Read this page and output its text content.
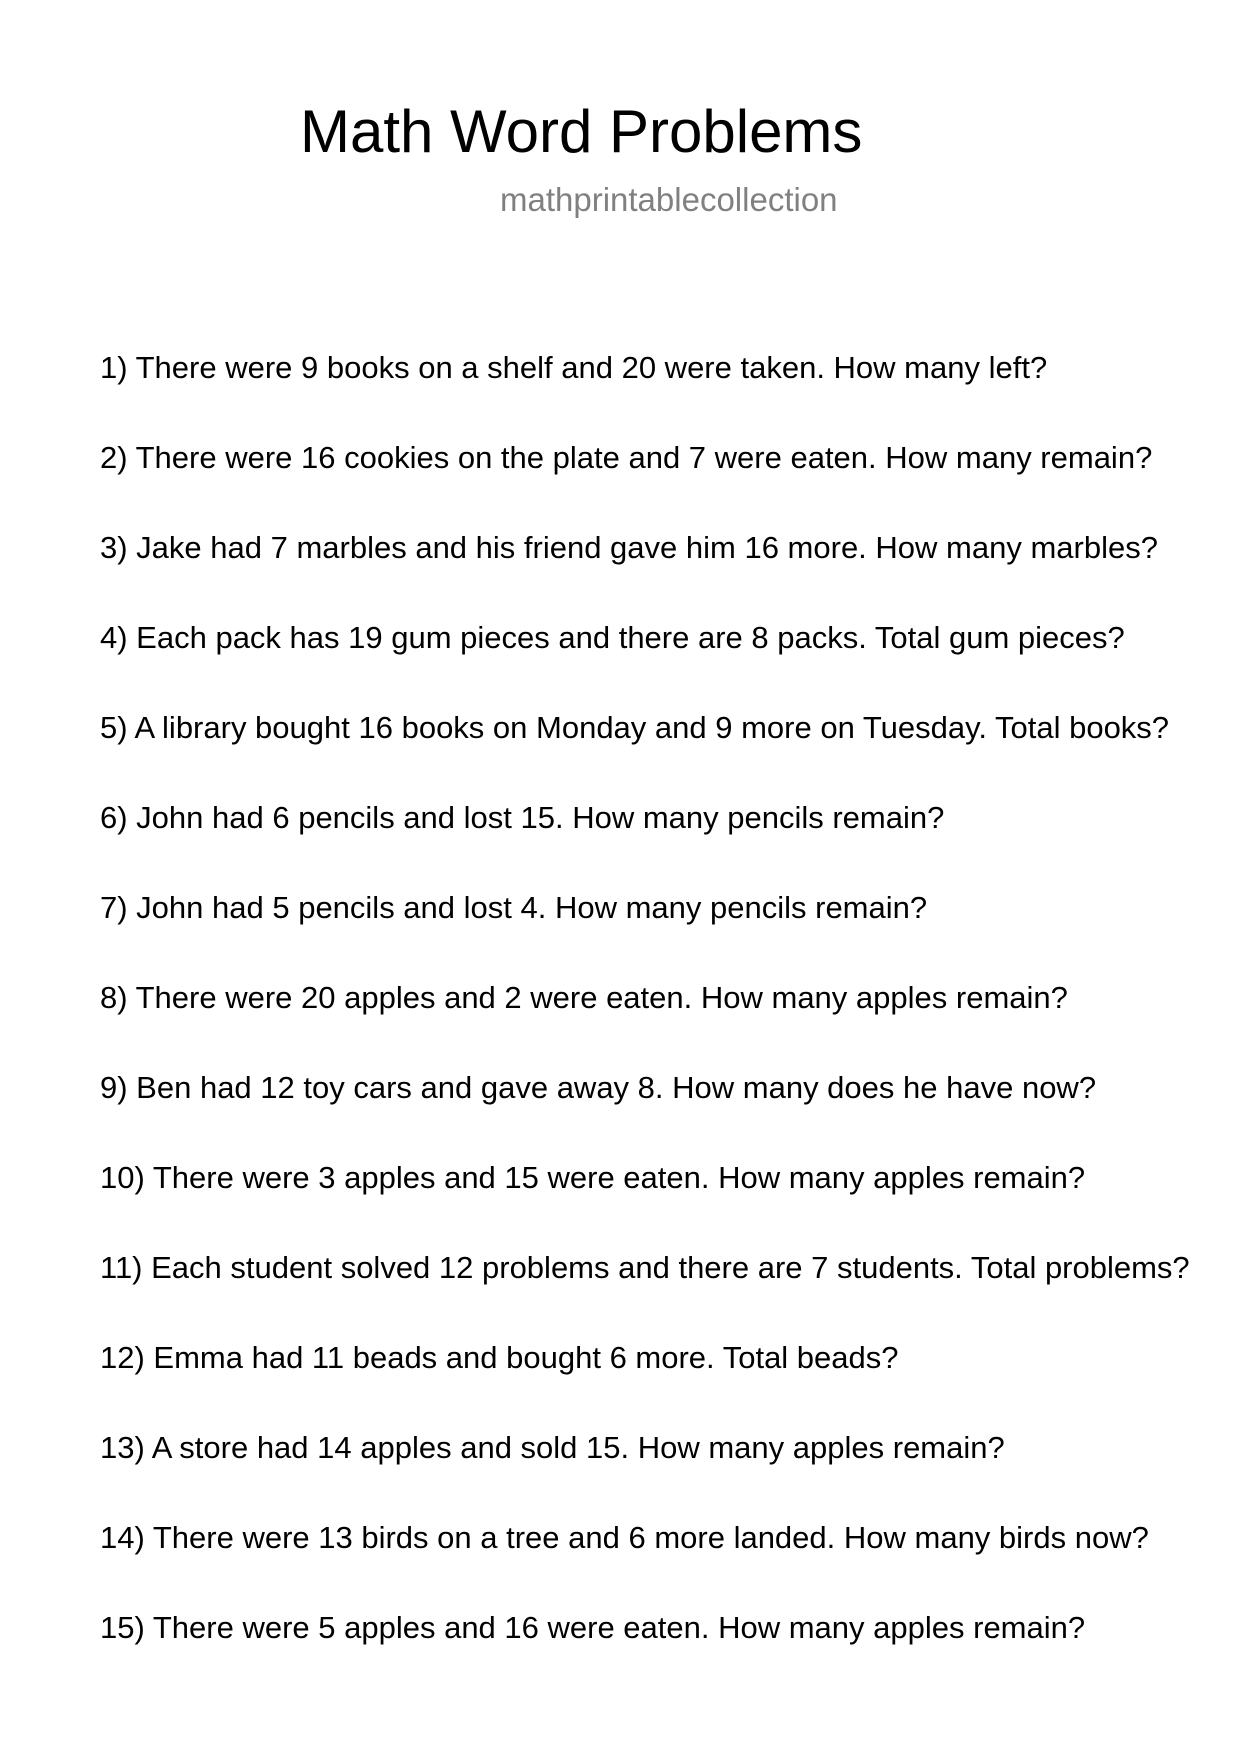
Math Word Problems
mathprintablecollection
1) There were 9 books on a shelf and 20 were taken. How many left?
2) There were 16 cookies on the plate and 7 were eaten. How many remain?
3) Jake had 7 marbles and his friend gave him 16 more. How many marbles?
4) Each pack has 19 gum pieces and there are 8 packs. Total gum pieces?
5) A library bought 16 books on Monday and 9 more on Tuesday. Total books?
6) John had 6 pencils and lost 15. How many pencils remain?
7) John had 5 pencils and lost 4. How many pencils remain?
8) There were 20 apples and 2 were eaten. How many apples remain?
9) Ben had 12 toy cars and gave away 8. How many does he have now?
10) There were 3 apples and 15 were eaten. How many apples remain?
11) Each student solved 12 problems and there are 7 students. Total problems?
12) Emma had 11 beads and bought 6 more. Total beads?
13) A store had 14 apples and sold 15. How many apples remain?
14) There were 13 birds on a tree and 6 more landed. How many birds now?
15) There were 5 apples and 16 were eaten. How many apples remain?
